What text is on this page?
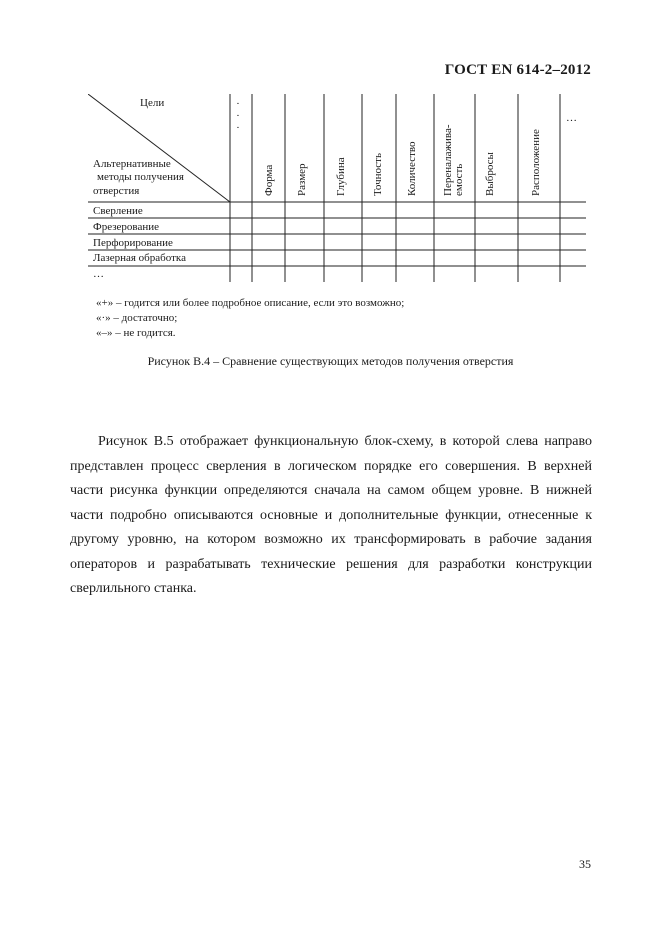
ГОСТ EN 614-2–2012
Цели
Альтернативные
методы получения
отверстия
·
·
·
Форма Размер Глубина Точность Количество Переналажива- емость Выбросы	Расположение
…
Сверление
Фрезерование
Перфорирование
Лазерная обработка
…
«+» – годится или более подробное описание, если это возможно;
«·» – достаточно;
«–» – не годится.
Рисунок В.4 – Сравнение существующих методов получения отверстия

Рисунок В.5 отображает функциональную блок-схему, в которой слева направо представлен процесс сверления в логическом порядке его совершения. В верхней части рисунка функции определяются сначала на самом общем уровне. В нижней части подробно описываются основные и дополнительные функции, отнесенные к другому уровню, на котором возможно их трансформировать в рабочие задания операторов и разрабатывать технические решения для разработки конструкции сверлильного станка.

35
